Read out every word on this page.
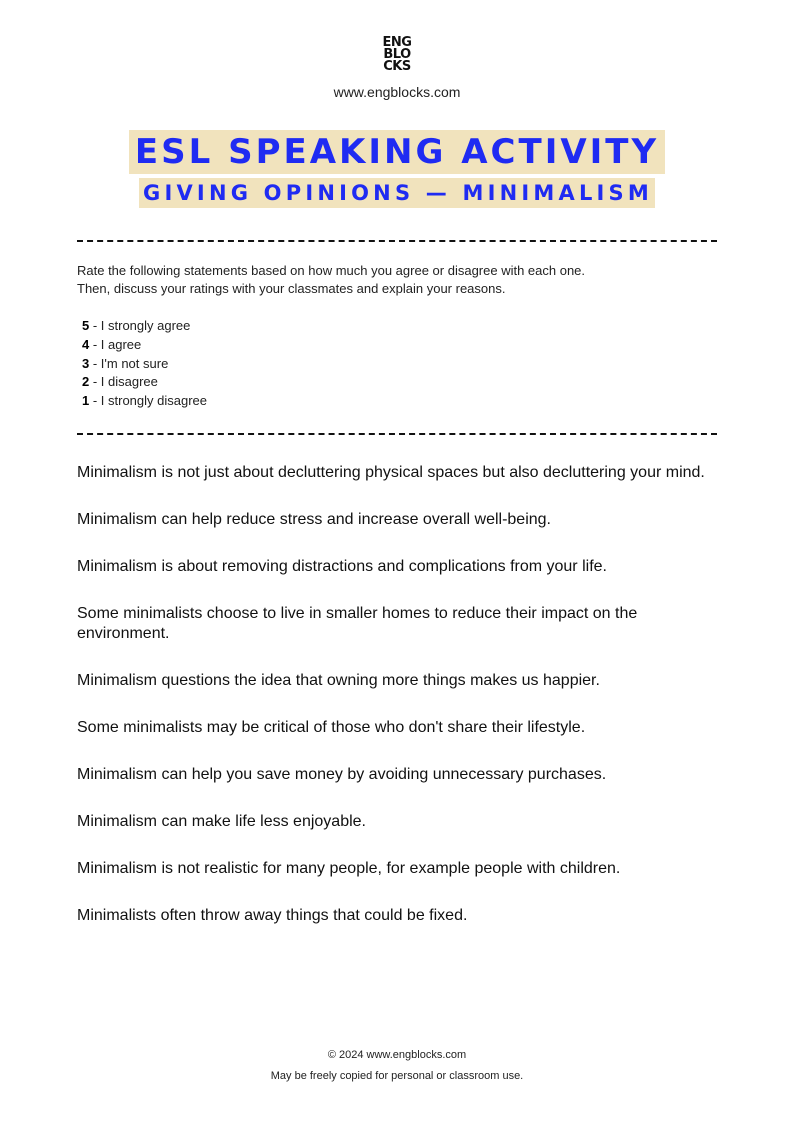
ENG
BLO
CKS
www.engblocks.com
ESL SPEAKING ACTIVITY
GIVING OPINIONS — MINIMALISM

Rate the following statements based on how much you agree or disagree with each one.

Then, discuss your ratings with your classmates and explain your reasons.

5 - I strongly agree
4 - I agree
3 - I'm not sure
2 - I disagree
1 - I strongly disagree

Minimalism is not just about decluttering physical spaces but also decluttering your mind.

Minimalism can help reduce stress and increase overall well-being.

Minimalism is about removing distractions and complications from your life.

Some minimalists choose to live in smaller homes to reduce their impact on the environment.

Minimalism questions the idea that owning more things makes us happier.

Some minimalists may be critical of those who don't share their lifestyle.

Minimalism can help you save money by avoiding unnecessary purchases.

Minimalism can make life less enjoyable.

Minimalism is not realistic for many people, for example people with children.

Minimalists often throw away things that could be fixed.

© 2024 www.engblocks.com
May be freely copied for personal or classroom use.
